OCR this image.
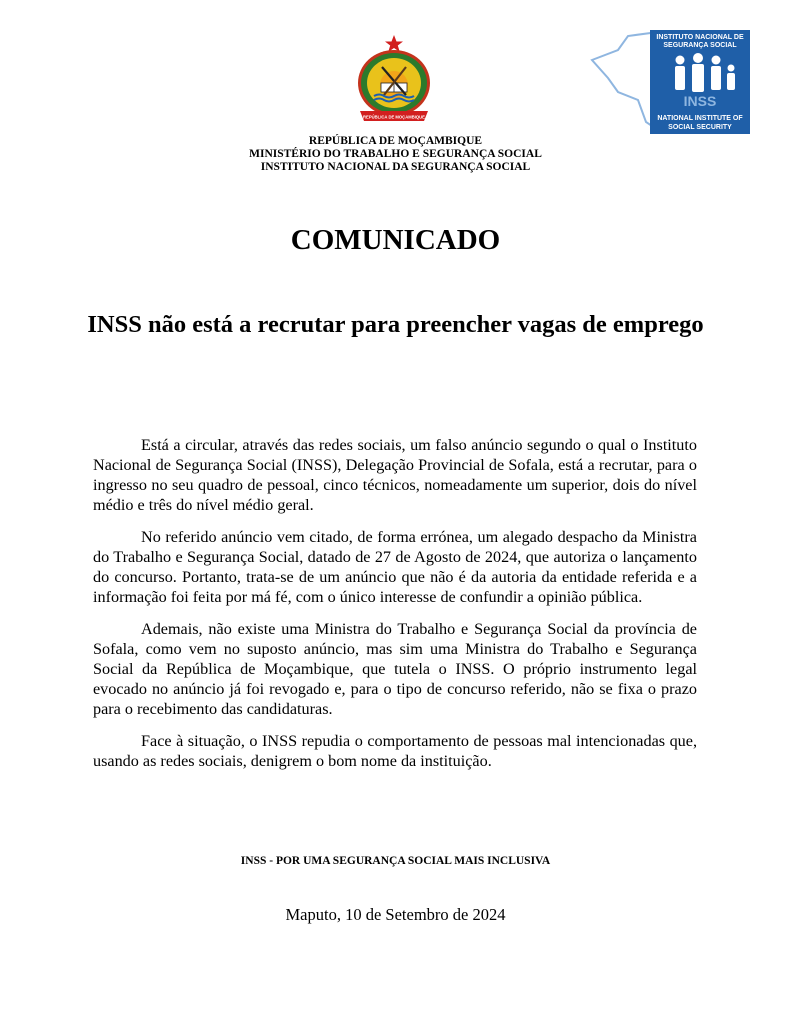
REPÚBLICA DE MOÇAMBIQUE
INSTITUTO NACIONAL DE
SEGURANÇA SOCIAL
INSS
NATIONAL INSTITUTE OF
SOCIAL SECURITY
REPÚBLICA DE MOÇAMBIQUE
MINISTÉRIO DO TRABALHO E SEGURANÇA SOCIAL
INSTITUTO NACIONAL DA SEGURANÇA SOCIAL
COMUNICADO
INSS não está a recrutar para preencher vagas de emprego

Está a circular, através das redes sociais, um falso anúncio segundo o qual o Instituto Nacional de Segurança Social (INSS), Delegação Provincial de Sofala, está a recrutar, para o ingresso no seu quadro de pessoal, cinco técnicos, nomeadamente um superior, dois do nível médio e três do nível médio geral.

No referido anúncio vem citado, de forma errónea, um alegado despacho da Ministra do Trabalho e Segurança Social, datado de 27 de Agosto de 2024, que autoriza o lançamento do concurso. Portanto, trata-se de um anúncio que não é da autoria da entidade referida e a informação foi feita por má fé, com o único interesse de confundir a opinião pública.

Ademais, não existe uma Ministra do Trabalho e Segurança Social da província de Sofala, como vem no suposto anúncio, mas sim uma Ministra do Trabalho e Segurança Social da República de Moçambique, que tutela o INSS. O próprio instrumento legal evocado no anúncio já foi revogado e, para o tipo de concurso referido, não se fixa o prazo para o recebimento das candidaturas.

Face à situação, o INSS repudia o comportamento de pessoas mal intencionadas que, usando as redes sociais, denigrem o bom nome da instituição.

INSS - POR UMA SEGURANÇA SOCIAL MAIS INCLUSIVA
Maputo, 10 de Setembro de 2024
